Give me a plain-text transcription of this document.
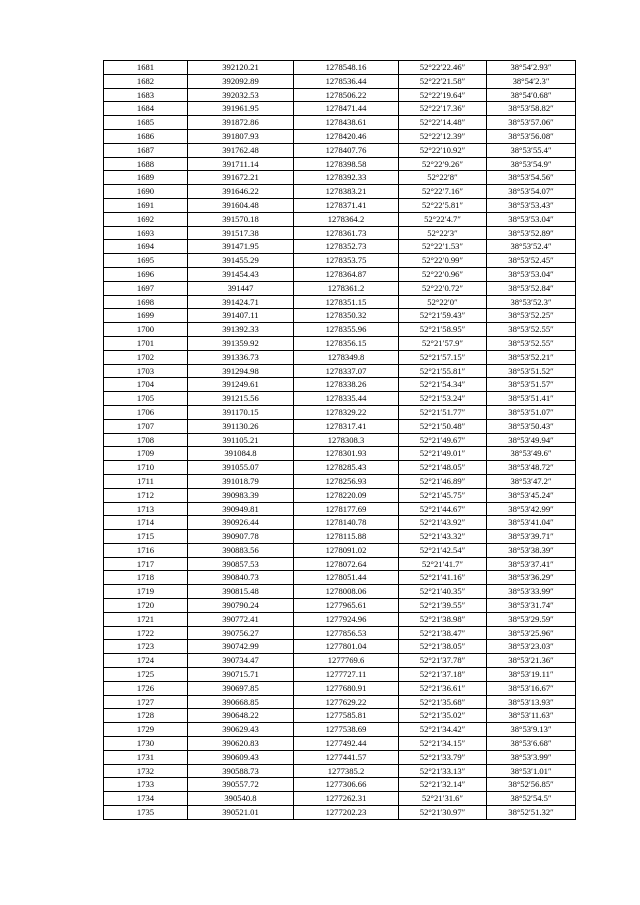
1681	392120.21	1278548.16	52°22′22.46″	38°54′2.93″
1682	392092.89	1278536.44	52°22′21.58″	38°54′2.3″
1683	392032.53	1278506.22	52°22′19.64″	38°54′0.68″
1684	391961.95	1278471.44	52°22′17.36″	38°53′58.82″
1685	391872.86	1278438.61	52°22′14.48″	38°53′57.06″
1686	391807.93	1278420.46	52°22′12.39″	38°53′56.08″
1687	391762.48	1278407.76	52°22′10.92″	38°53′55.4″
1688	391711.14	1278398.58	52°22′9.26″	38°53′54.9″
1689	391672.21	1278392.33	52°22′8″	38°53′54.56″
1690	391646.22	1278383.21	52°22′7.16″	38°53′54.07″
1691	391604.48	1278371.41	52°22′5.81″	38°53′53.43″
1692	391570.18	1278364.2	52°22′4.7″	38°53′53.04″
1693	391517.38	1278361.73	52°22′3″	38°53′52.89″
1694	391471.95	1278352.73	52°22′1.53″	38°53′52.4″
1695	391455.29	1278353.75	52°22′0.99″	38°53′52.45″
1696	391454.43	1278364.87	52°22′0.96″	38°53′53.04″
1697	391447	1278361.2	52°22′0.72″	38°53′52.84″
1698	391424.71	1278351.15	52°22′0″	38°53′52.3″
1699	391407.11	1278350.32	52°21′59.43″	38°53′52.25″
1700	391392.33	1278355.96	52°21′58.95″	38°53′52.55″
1701	391359.92	1278356.15	52°21′57.9″	38°53′52.55″
1702	391336.73	1278349.8	52°21′57.15″	38°53′52.21″
1703	391294.98	1278337.07	52°21′55.81″	38°53′51.52″
1704	391249.61	1278338.26	52°21′54.34″	38°53′51.57″
1705	391215.56	1278335.44	52°21′53.24″	38°53′51.41″
1706	391170.15	1278329.22	52°21′51.77″	38°53′51.07″
1707	391130.26	1278317.41	52°21′50.48″	38°53′50.43″
1708	391105.21	1278308.3	52°21′49.67″	38°53′49.94″
1709	391084.8	1278301.93	52°21′49.01″	38°53′49.6″
1710	391055.07	1278285.43	52°21′48.05″	38°53′48.72″
1711	391018.79	1278256.93	52°21′46.89″	38°53′47.2″
1712	390983.39	1278220.09	52°21′45.75″	38°53′45.24″
1713	390949.81	1278177.69	52°21′44.67″	38°53′42.99″
1714	390926.44	1278140.78	52°21′43.92″	38°53′41.04″
1715	390907.78	1278115.88	52°21′43.32″	38°53′39.71″
1716	390883.56	1278091.02	52°21′42.54″	38°53′38.39″
1717	390857.53	1278072.64	52°21′41.7″	38°53′37.41″
1718	390840.73	1278051.44	52°21′41.16″	38°53′36.29″
1719	390815.48	1278008.06	52°21′40.35″	38°53′33.99″
1720	390790.24	1277965.61	52°21′39.55″	38°53′31.74″
1721	390772.41	1277924.96	52°21′38.98″	38°53′29.59″
1722	390756.27	1277856.53	52°21′38.47″	38°53′25.96″
1723	390742.99	1277801.04	52°21′38.05″	38°53′23.03″
1724	390734.47	1277769.6	52°21′37.78″	38°53′21.36″
1725	390715.71	1277727.11	52°21′37.18″	38°53′19.11″
1726	390697.85	1277680.91	52°21′36.61″	38°53′16.67″
1727	390668.85	1277629.22	52°21′35.68″	38°53′13.93″
1728	390648.22	1277585.81	52°21′35.02″	38°53′11.63″
1729	390629.43	1277538.69	52°21′34.42″	38°53′9.13″
1730	390620.83	1277492.44	52°21′34.15″	38°53′6.68″
1731	390609.43	1277441.57	52°21′33.79″	38°53′3.99″
1732	390588.73	1277385.2	52°21′33.13″	38°53′1.01″
1733	390557.72	1277306.66	52°21′32.14″	38°52′56.85″
1734	390540.8	1277262.31	52°21′31.6″	38°52′54.5″
1735	390521.01	1277202.23	52°21′30.97″	38°52′51.32″
